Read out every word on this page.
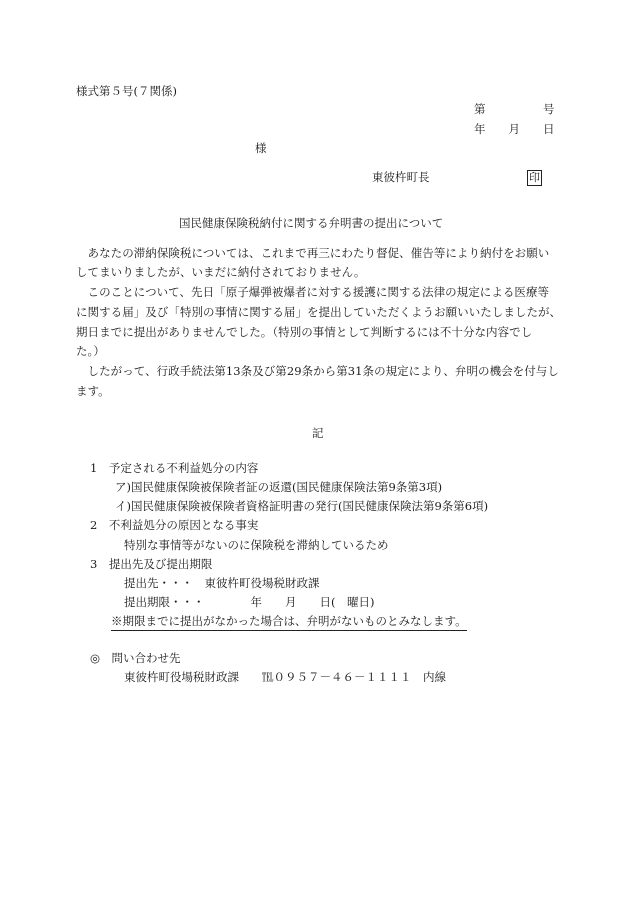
様式第５号(７関係)
第　　　　　号
年　　月　　日
様
東彼杵町長	印
国民健康保険税納付に関する弁明書の提出について
　あなたの滞納保険税については、これまで再三にわたり督促、催告等により納付をお願い
してまいりましたが、いまだに納付されておりません。
　このことについて、先日「原子爆弾被爆者に対する援護に関する法律の規定による医療等
に関する届」及び「特別の事情に関する届」を提出していただくようお願いいたしましたが、
期日までに提出がありませんでした。（特別の事情として判断するには不十分な内容でし
た。）
　したがって、行政手続法第13条及び第29条から第31条の規定により、弁明の機会を付与し
ます。
記
1　予定される不利益処分の内容
ア)国民健康保険被保険者証の返還(国民健康保険法第9条第3項)
イ)国民健康保険被保険者資格証明書の発行(国民健康保険法第9条第6項)
2　不利益処分の原因となる事実
特別な事情等がないのに保険税を滞納しているため
3　提出先及び提出期限
提出先・・・　東彼杵町役場税財政課
提出期限・・・　　　　年　　月　　日(　曜日)
※期限までに提出がなかった場合は、弁明がないものとみなします。
◎　問い合わせ先
東彼杵町役場税財政課　　℡０９５７－４６－１１１１　内線
